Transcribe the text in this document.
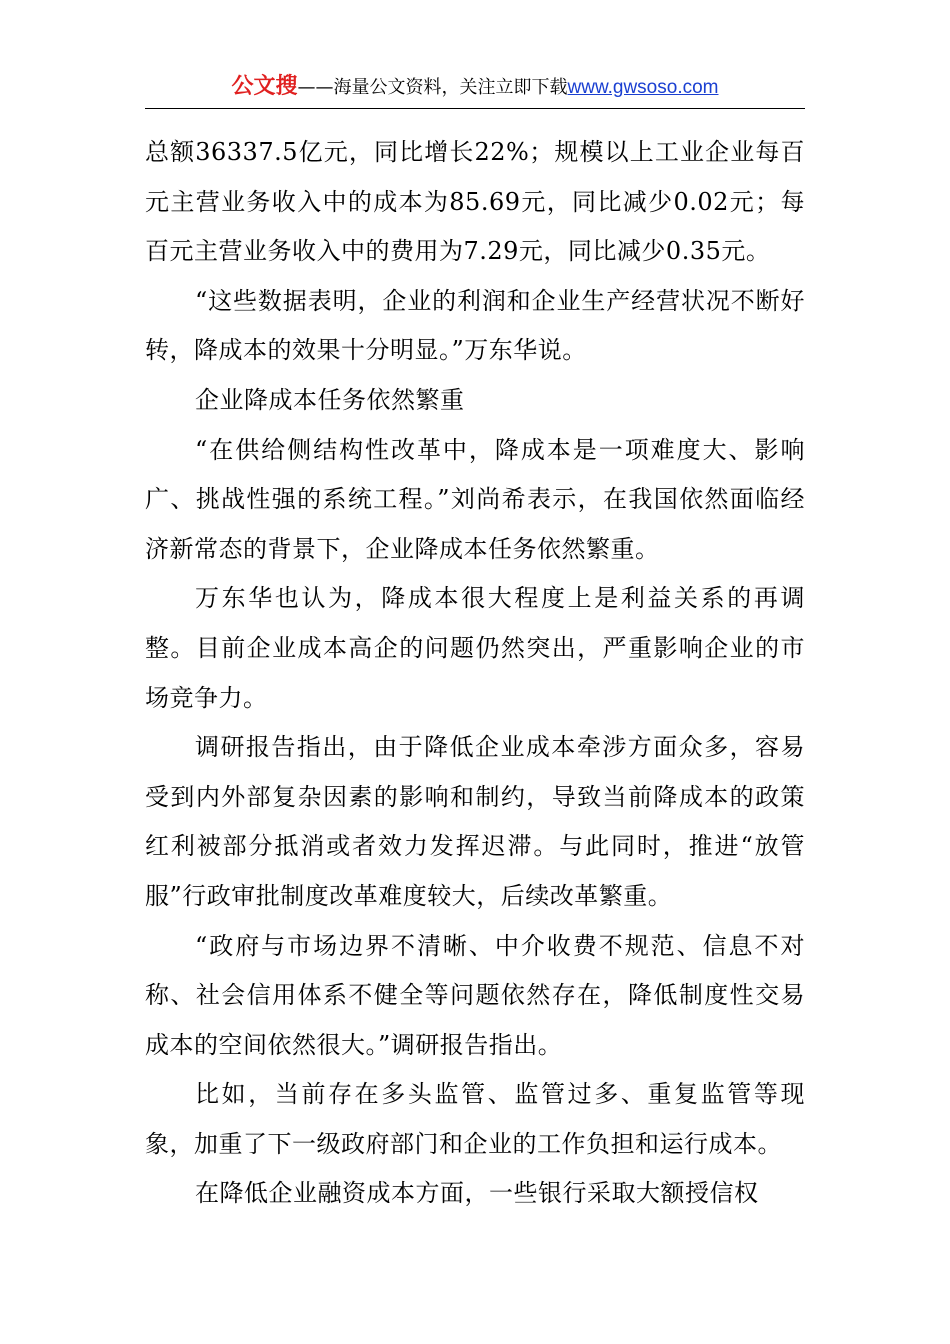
公文搜——海量公文资料，关注立即下载www.gwsoso.com

总额36337.5亿元，同比增长22%；规模以上工业企业每百元主营业务收入中的成本为85.69元，同比减少0.02元；每百元主营业务收入中的费用为7.29元，同比减少0.35元。

“这些数据表明，企业的利润和企业生产经营状况不断好转，降成本的效果十分明显。”万东华说。

企业降成本任务依然繁重

“在供给侧结构性改革中，降成本是一项难度大、影响广、挑战性强的系统工程。”刘尚希表示，在我国依然面临经济新常态的背景下，企业降成本任务依然繁重。

万东华也认为，降成本很大程度上是利益关系的再调整。目前企业成本高企的问题仍然突出，严重影响企业的市场竞争力。

调研报告指出，由于降低企业成本牵涉方面众多，容易受到内外部复杂因素的影响和制约，导致当前降成本的政策红利被部分抵消或者效力发挥迟滞。与此同时，推进“放管服”行政审批制度改革难度较大，后续改革繁重。

“政府与市场边界不清晰、中介收费不规范、信息不对称、社会信用体系不健全等问题依然存在，降低制度性交易成本的空间依然很大。”调研报告指出。

比如，当前存在多头监管、监管过多、重复监管等现象，加重了下一级政府部门和企业的工作负担和运行成本。

在降低企业融资成本方面，一些银行采取大额授信权
